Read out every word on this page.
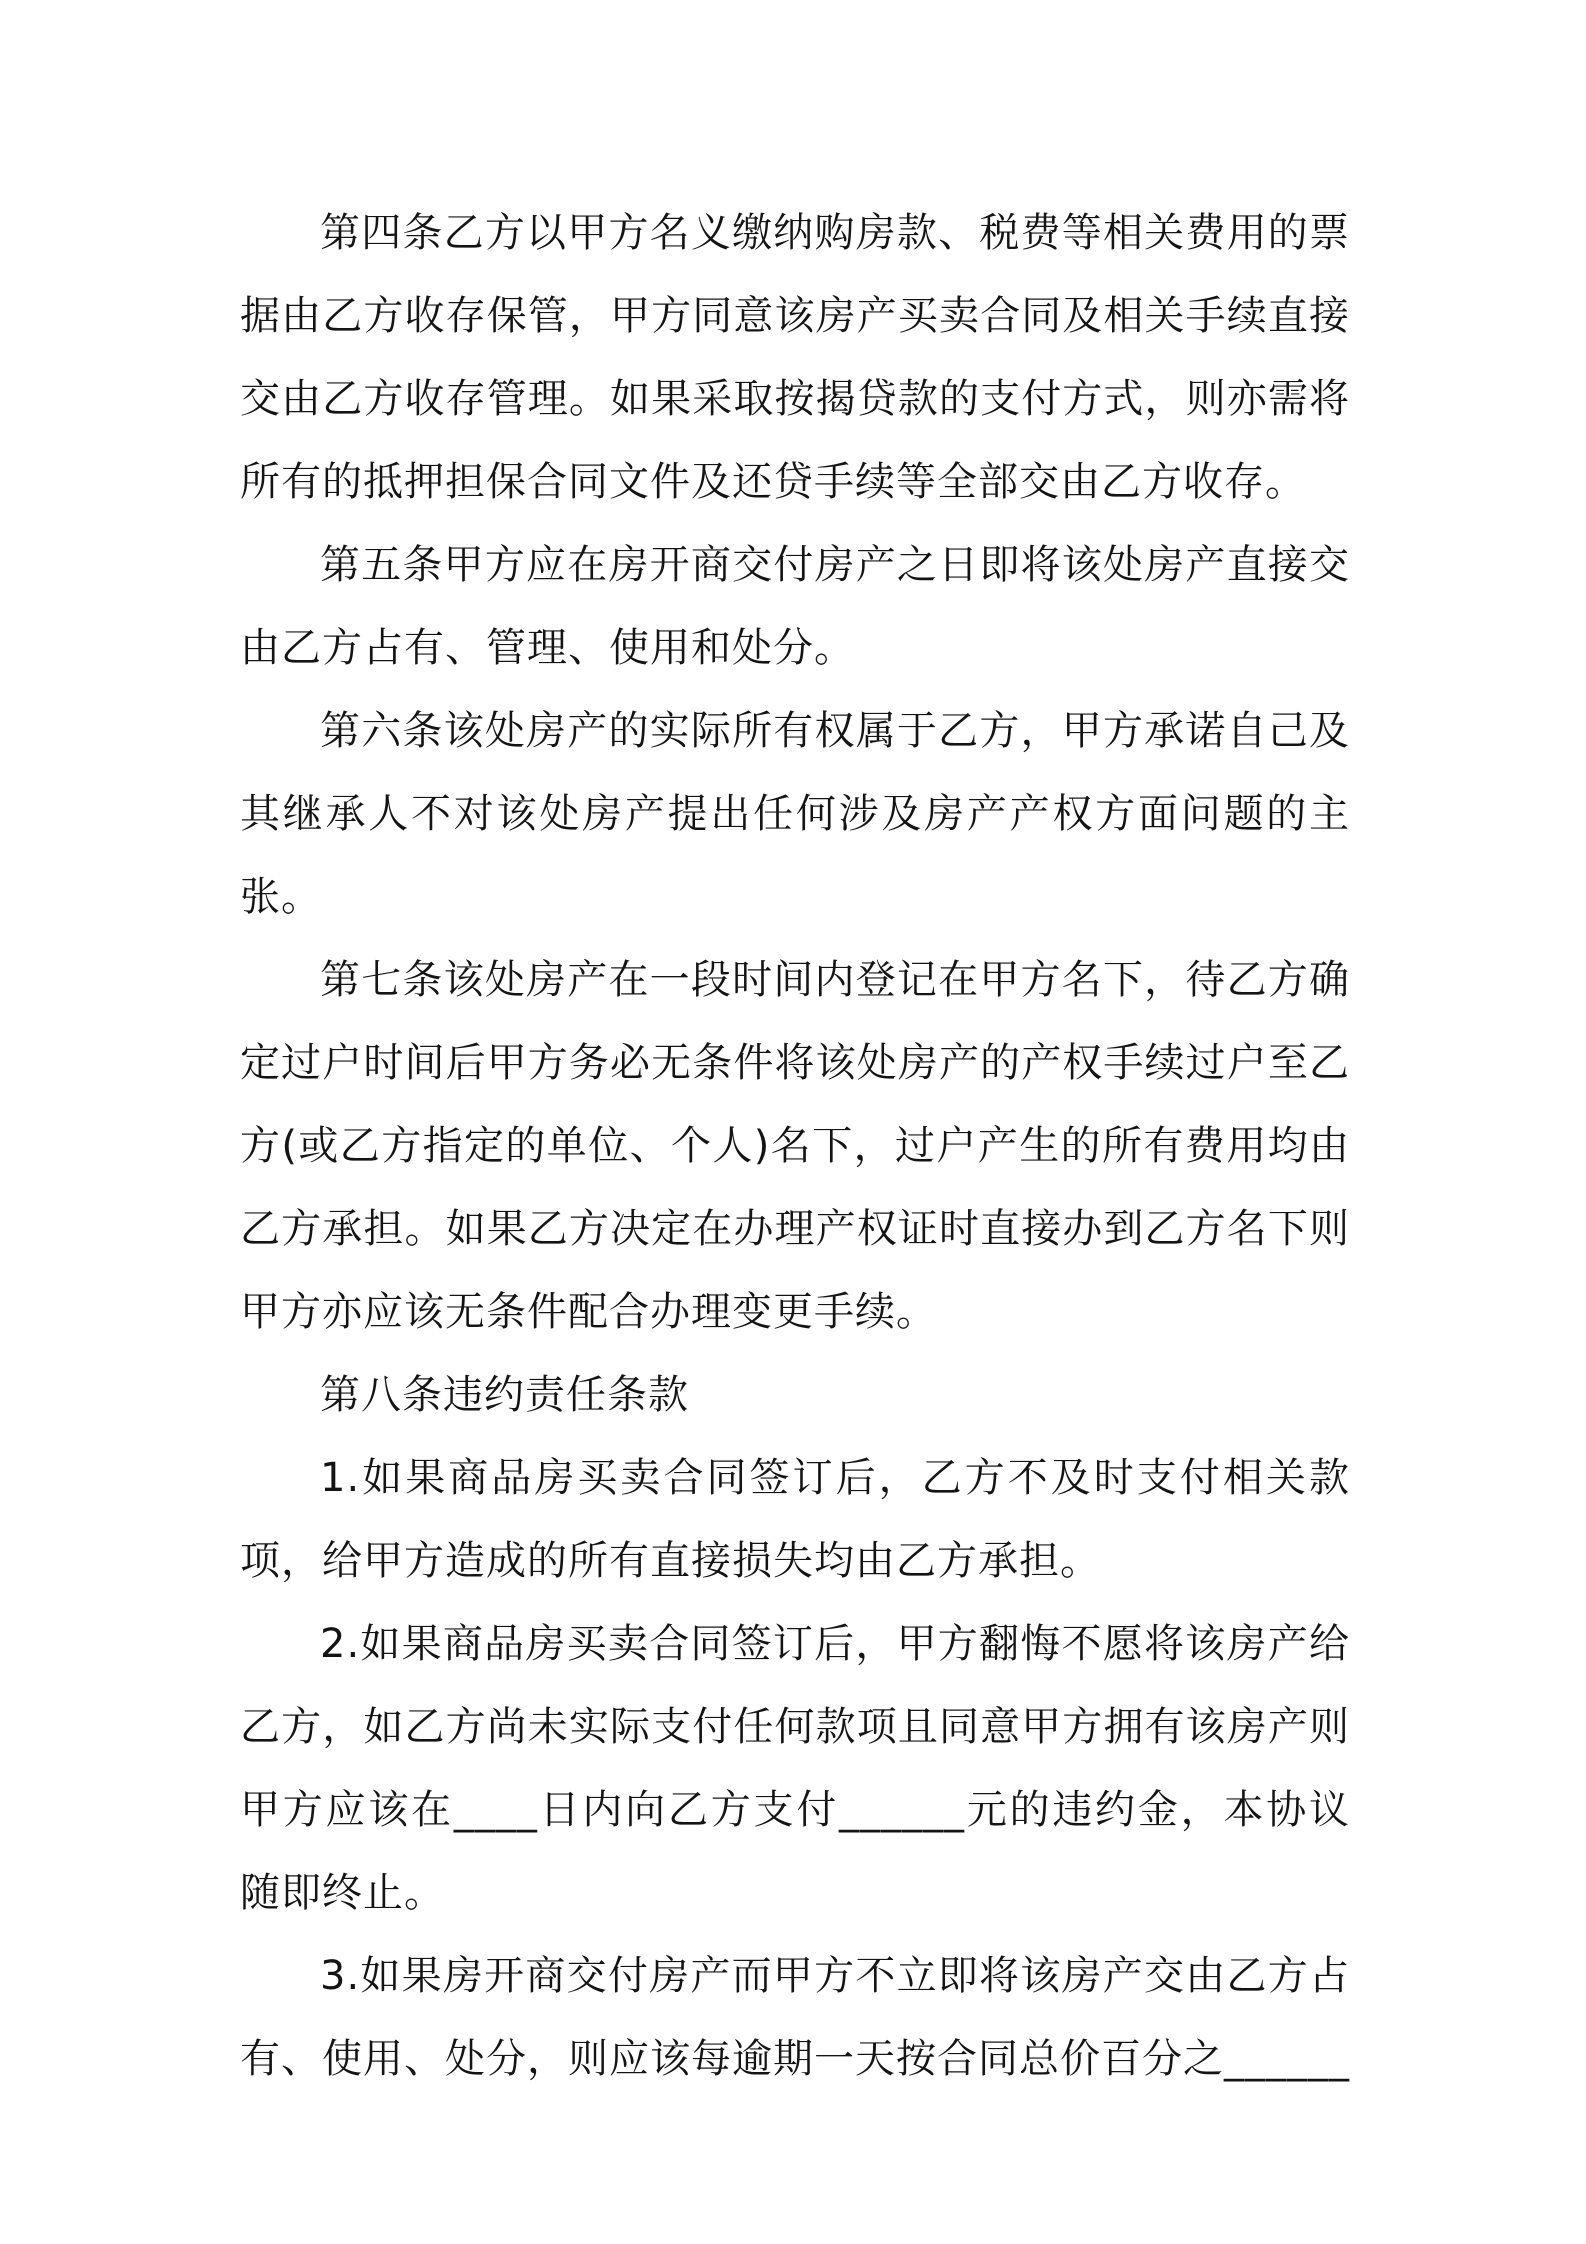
第四条乙方以甲方名义缴纳购房款、税费等相关费用的票据由乙方收存保管，甲方同意该房产买卖合同及相关手续直接交由乙方收存管理。如果采取按揭贷款的支付方式，则亦需将所有的抵押担保合同文件及还贷手续等全部交由乙方收存。

第五条甲方应在房开商交付房产之日即将该处房产直接交由乙方占有、管理、使用和处分。

第六条该处房产的实际所有权属于乙方，甲方承诺自己及其继承人不对该处房产提出任何涉及房产产权方面问题的主张。

第七条该处房产在一段时间内登记在甲方名下，待乙方确定过户时间后甲方务必无条件将该处房产的产权手续过户至乙方(或乙方指定的单位、个人)名下，过户产生的所有费用均由乙方承担。如果乙方决定在办理产权证时直接办到乙方名下则甲方亦应该无条件配合办理变更手续。

第八条违约责任条款

1.如果商品房买卖合同签订后，乙方不及时支付相关款项，给甲方造成的所有直接损失均由乙方承担。

2.如果商品房买卖合同签订后，甲方翻悔不愿将该房产给乙方，如乙方尚未实际支付任何款项且同意甲方拥有该房产则甲方应该在____日内向乙方支付______元的违约金，本协议随即终止。

3.如果房开商交付房产而甲方不立即将该房产交由乙方占有、使用、处分，则应该每逾期一天按合同总价百分之______
